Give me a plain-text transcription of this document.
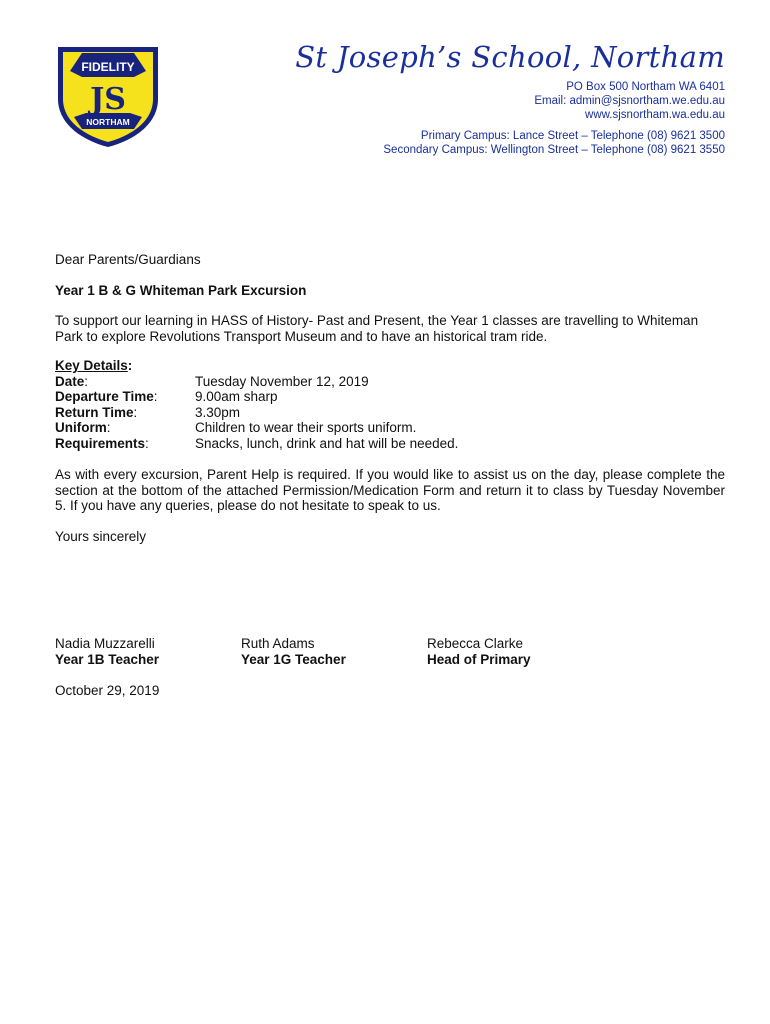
FIDELITY
NORTHAM
JS
St Joseph’s School, Northam
PO Box 500 Northam WA 6401
Email: admin@sjsnortham.we.edu.au
www.sjsnortham.wa.edu.au
Primary Campus: Lance Street – Telephone (08) 9621 3500
Secondary Campus: Wellington Street – Telephone (08) 9621 3550
Dear Parents/Guardians
Year 1 B & G Whiteman Park Excursion
To support our learning in HASS of History- Past and Present, the Year 1 classes are travelling to Whiteman Park to explore Revolutions Transport Museum and to have an historical tram ride.
Key Details:
Date:	Tuesday November 12, 2019
Departure Time:	9.00am sharp
Return Time:	3.30pm
Uniform:	Children to wear their sports uniform.
Requirements:	Snacks, lunch, drink and hat will be needed.
As with every excursion, Parent Help is required. If you would like to assist us on the day, please complete the section at the bottom of the attached Permission/Medication Form and return it to class by Tuesday November 5. If you have any queries, please do not hesitate to speak to us.
Yours sincerely
Nadia Muzzarelli
Year 1B Teacher
Ruth Adams
Year 1G Teacher
Rebecca Clarke
Head of Primary
October 29, 2019
